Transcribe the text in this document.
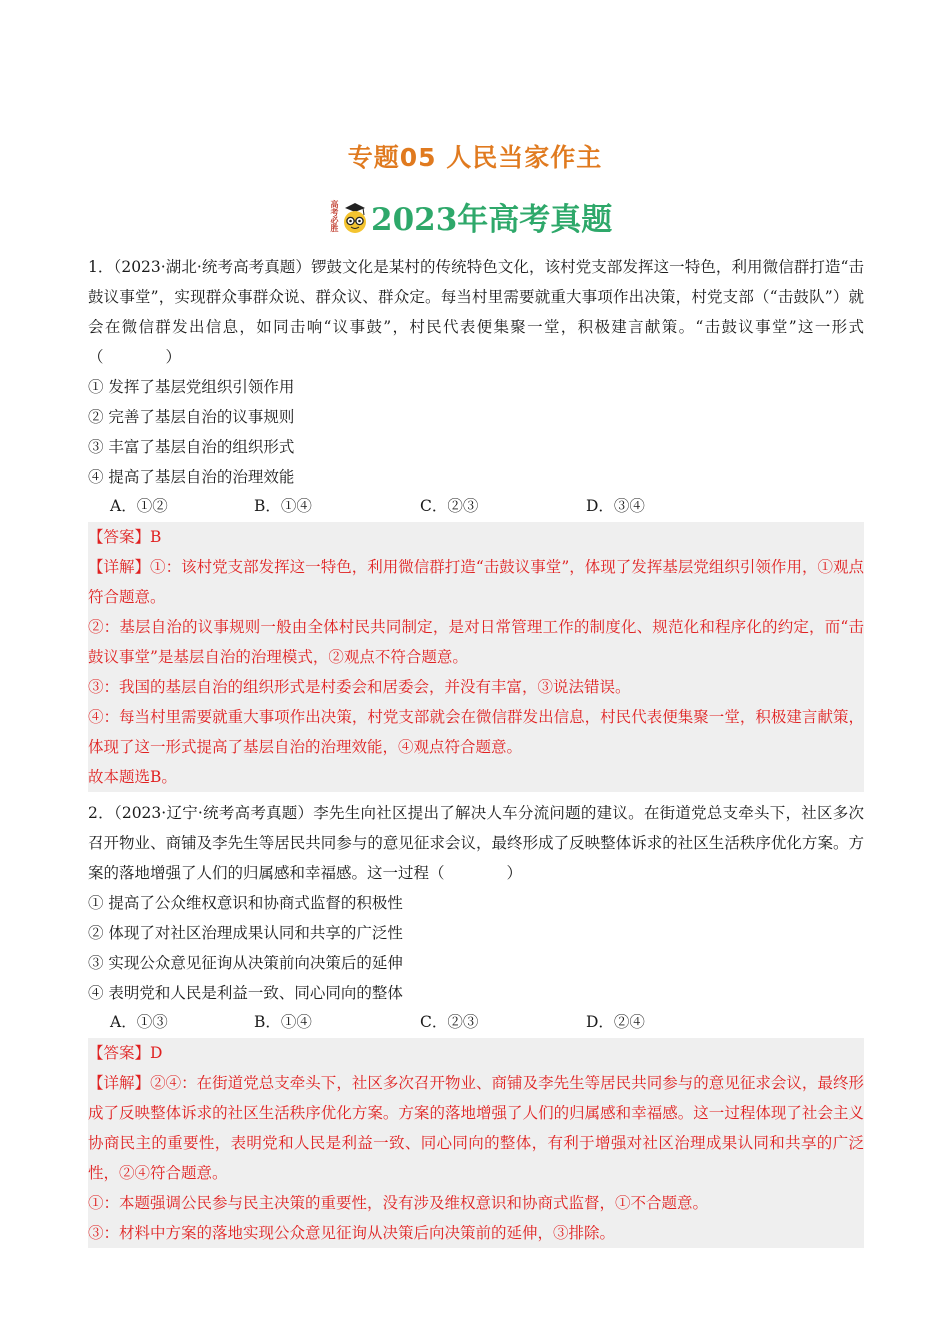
专题05 人民当家作主
高考必胜 2023年高考真题

1．（2023·湖北·统考高考真题）锣鼓文化是某村的传统特色文化，该村党支部发挥这一特色，利用微信群打造“击鼓议事堂”，实现群众事群众说、群众议、群众定。每当村里需要就重大事项作出决策，村党支部（“击鼓队”）就会在微信群发出信息，如同击响“议事鼓”，村民代表便集聚一堂，积极建言献策。“击鼓议事堂”这一形式（　　　　）

① 发挥了基层党组织引领作用

② 完善了基层自治的议事规则

③ 丰富了基层自治的组织形式

④ 提高了基层自治的治理效能

A．①②	B．①④	C．②③	D．③④

【答案】B

【详解】①：该村党支部发挥这一特色，利用微信群打造“击鼓议事堂”，体现了发挥基层党组织引领作用，①观点符合题意。

②：基层自治的议事规则一般由全体村民共同制定，是对日常管理工作的制度化、规范化和程序化的约定，而“击鼓议事堂”是基层自治的治理模式，②观点不符合题意。

③：我国的基层自治的组织形式是村委会和居委会，并没有丰富，③说法错误。

④：每当村里需要就重大事项作出决策，村党支部就会在微信群发出信息，村民代表便集聚一堂，积极建言献策，体现了这一形式提高了基层自治的治理效能，④观点符合题意。

故本题选B。

2．（2023·辽宁·统考高考真题）李先生向社区提出了解决人车分流问题的建议。在街道党总支牵头下，社区多次召开物业、商铺及李先生等居民共同参与的意见征求会议，最终形成了反映整体诉求的社区生活秩序优化方案。方案的落地增强了人们的归属感和幸福感。这一过程（　　　　）

① 提高了公众维权意识和协商式监督的积极性

② 体现了对社区治理成果认同和共享的广泛性

③ 实现公众意见征询从决策前向决策后的延伸

④ 表明党和人民是利益一致、同心同向的整体

A．①③	B．①④	C．②③	D．②④

【答案】D

【详解】②④：在街道党总支牵头下，社区多次召开物业、商铺及李先生等居民共同参与的意见征求会议，最终形成了反映整体诉求的社区生活秩序优化方案。方案的落地增强了人们的归属感和幸福感。这一过程体现了社会主义协商民主的重要性，表明党和人民是利益一致、同心同向的整体，有利于增强对社区治理成果认同和共享的广泛性，②④符合题意。

①：本题强调公民参与民主决策的重要性，没有涉及维权意识和协商式监督，①不合题意。

③：材料中方案的落地实现公众意见征询从决策后向决策前的延伸，③排除。
